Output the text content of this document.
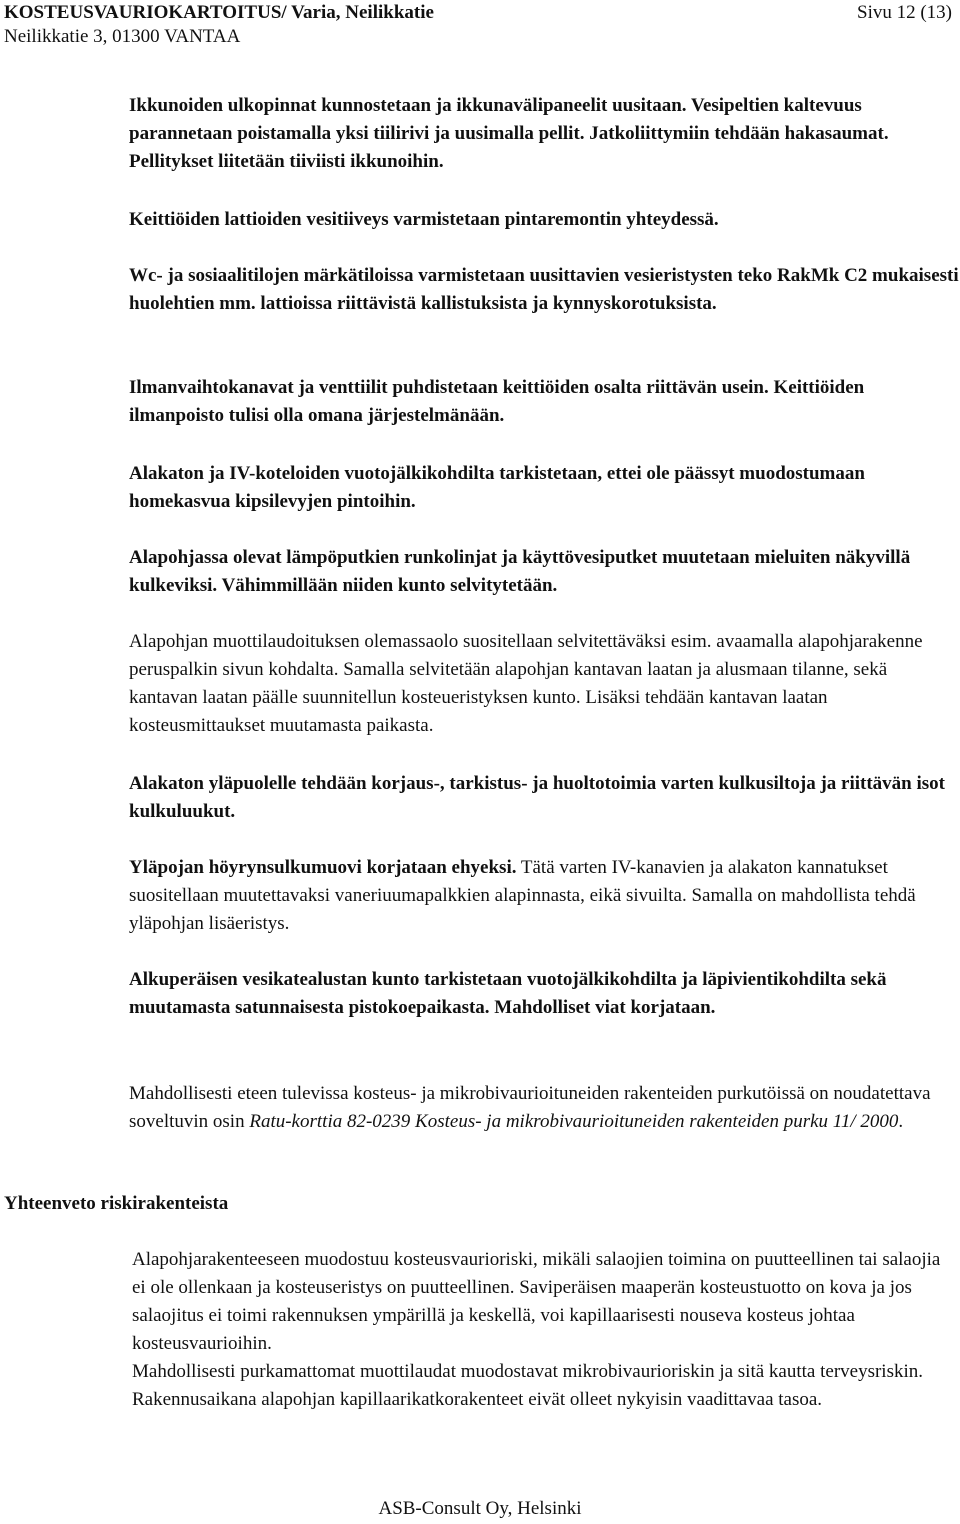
KOSTEUSVAURIOKARTOITUS/ Varia, Neilikkatie
Neilikkatie 3, 01300 VANTAA
Sivu 12 (13)

Ikkunoiden ulkopinnat kunnostetaan ja ikkunavälipaneelit uusitaan. Vesipeltien kaltevuus parannetaan poistamalla yksi tiilirivi ja uusimalla pellit. Jatkoliittymiin tehdään hakasaumat. Pellitykset liitetään tiiviisti ikkunoihin.

Keittiöiden lattioiden vesitiiveys varmistetaan pintaremontin yhteydessä.

Wc- ja sosiaalitilojen märkätiloissa varmistetaan uusittavien vesieristysten teko RakMk C2 mukaisesti huolehtien mm. lattioissa riittävistä kallistuksista ja kynnyskorotuksista.

Ilmanvaihtokanavat ja venttiilit puhdistetaan keittiöiden osalta riittävän usein. Keittiöiden ilmanpoisto tulisi olla omana järjestelmänään.

Alakaton ja IV-koteloiden vuotojälkikohdilta tarkistetaan, ettei ole päässyt muodostumaan homekasvua kipsilevyjen pintoihin.

Alapohjassa olevat lämpöputkien runkolinjat ja käyttövesiputket muutetaan mieluiten näkyvillä kulkeviksi. Vähimmillään niiden kunto selvitytetään.

Alapohjan muottilaudoituksen olemassaolo suositellaan selvitettäväksi esim. avaamalla alapohjarakenne peruspalkin sivun kohdalta. Samalla selvitetään alapohjan kantavan laatan ja alusmaan tilanne, sekä kantavan laatan päälle suunnitellun kosteueristyksen kunto. Lisäksi tehdään kantavan laatan kosteusmittaukset muutamasta paikasta.

Alakaton yläpuolelle tehdään korjaus-, tarkistus- ja huoltotoimia varten kulkusiltoja ja riittävän isot kulkuluukut.

Yläpojan höyrynsulkumuovi korjataan ehyeksi. Tätä varten IV-kanavien ja alakaton kannatukset suositellaan muutettavaksi vaneriuumapalkkien alapinnasta, eikä sivuilta. Samalla on mahdollista tehdä yläpohjan lisäeristys.

Alkuperäisen vesikatealustan kunto tarkistetaan vuotojälkikohdilta ja läpivientikohdilta sekä muutamasta satunnaisesta pistokoepaikasta. Mahdolliset viat korjataan.

Mahdollisesti eteen tulevissa kosteus- ja mikrobivaurioituneiden rakenteiden purkutöissä on noudatettava soveltuvin osin Ratu-korttia 82-0239 Kosteus- ja mikrobivaurioituneiden rakenteiden purku 11/ 2000.

Yhteenveto riskirakenteista

Alapohjarakenteeseen muodostuu kosteusvaurioriski, mikäli salaojien toimina on puutteellinen tai salaojia ei ole ollenkaan ja kosteuseristys on puutteellinen. Saviperäisen maaperän kosteustuotto on kova ja jos salaojitus ei toimi rakennuksen ympärillä ja keskellä, voi kapillaarisesti nouseva kosteus johtaa kosteusvaurioihin.

Mahdollisesti purkamattomat muottilaudat muodostavat mikrobivaurioriskin ja sitä kautta terveysriskin. Rakennusaikana alapohjan kapillaarikatkorakenteet eivät olleet nykyisin vaadittavaa tasoa.

ASB-Consult Oy, Helsinki
